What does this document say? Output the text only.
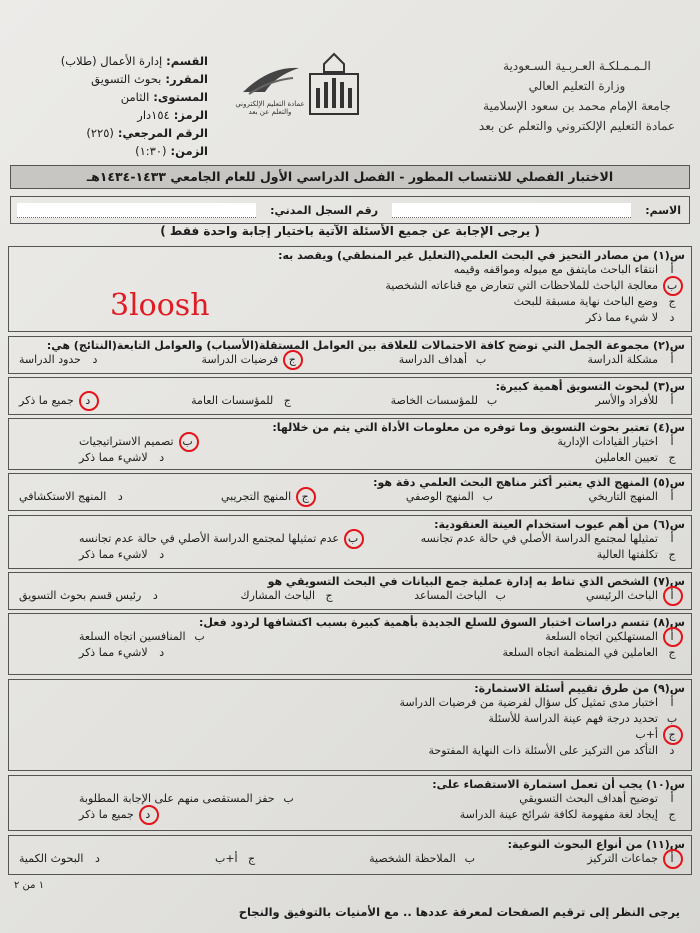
الـمـمـلكـة العـربـية السـعودية
وزارة التعليم العالي
جامعة الإمام محمد بن سعود الإسلامية
عمادة التعليم الإلكتروني والتعلم عن بعد
عمادة التعليم الإلكتروني والتعلم عن بعد
القسم:
إدارة الأعمال (طلاب)
المقرر:
بحوث التسويق
المستوى:
الثامن
الرمز:
١٥٤دار
الرقم المرجعي:
(٢٢٥)
الزمن:
(١:٣٠)
الاختبار الفصلي للانتساب المطور - الفصل الدراسي الأول للعام الجامعي ١٤٣٣-١٤٣٤هـ
الاسم:
رقم السجل المدني:
( يرجى الإجابة عن جميع الأسئلة الآتية باختيار إجابة واحدة فقط )
س(١) من مصادر التحيز في البحث العلمي(التعليل غير المنطقي) ويقصد به:
أ
انتقاء الباحث مايتفق مع ميوله ومواقفه وقيمه
ب
معالجة الباحث للملاحظات التي تتعارض مع قناعاته الشخصية
ج
وضع الباحث نهاية مسبقة للبحث
د
لا شيء مما ذكر
س(٢) مجموعة الجمل التي توضح كافة الاحتمالات للعلاقة بين العوامل المستقلة(الأسباب) والعوامل التابعة(النتائج) هي:
أ
مشكلة الدراسة
ب
أهداف الدراسة
ج
فرضيات الدراسة
د
حدود الدراسة
س(٣) لبحوث التسويق أهمية كبيرة:
أ
للأفراد والأسر
ب
للمؤسسات الخاصة
ج
للمؤسسات العامة
د
جميع ما ذكر
س(٤) تعتبر بحوث التسويق وما توفره من معلومات الأداة التي يتم من خلالها:
أ
اختيار القيادات الإدارية
ب
تصميم الاستراتيجيات
ج
تعيين العاملين
د
لاشيء مما ذكر
س(٥) المنهج الذي يعتبر أكثر مناهج البحث العلمي دقة هو:
أ
المنهج التاريخي
ب
المنهج الوصفي
ج
المنهج التجريبي
د
المنهج الاستكشافي
س(٦) من أهم عيوب استخدام العينة العنقودية:
أ
تمثيلها لمجتمع الدراسة الأصلي في حالة عدم تجانسه
ب
عدم تمثيلها لمجتمع الدراسة الأصلي في حالة عدم تجانسه
ج
تكلفتها العالية
د
لاشيء مما ذكر
س(٧) الشخص الذي تناط به إدارة عملية جمع البيانات في البحث التسويقي هو
أ
الباحث الرئيسي
ب
الباحث المساعد
ج
الباحث المشارك
د
رئيس قسم بحوث التسويق
س(٨) تتسم دراسات اختبار السوق للسلع الجديدة بأهمية كبيرة بسبب اكتشافها لردود فعل:
أ
المستهلكين اتجاه السلعة
ب
المنافسين اتجاه السلعة
ج
العاملين في المنظمة اتجاه السلعة
د
لاشيء مما ذكر
س(٩) من طرق تقييم أسئلة الاستمارة:
أ
اختبار مدى تمثيل كل سؤال لفرضية من فرضيات الدراسة
ب
تحديد درجة فهم عينة الدراسة للأسئلة
ج
أ+ب
د
التأكد من التركيز على الأسئلة ذات النهاية المفتوحة
س(١٠) يجب أن تعمل استمارة الاستقصاء على:
أ
توضيح أهداف البحث التسويقي
ب
حفز المستقصى منهم على الإجابة المطلوبة
ج
إيجاد لغة مفهومة لكافة شرائح عينة الدراسة
د
جميع ما ذكر
س(١١) من أنواع البحوث النوعية:
أ
جماعات التركيز
ب
الملاحظة الشخصية
ج
أ+ب
د
البحوث الكمية
3loosh
١ من ٢
يرجى النظر إلى ترقيم الصفحات لمعرفة عددها .. مع الأمنيات بالتوفيق والنجاح
